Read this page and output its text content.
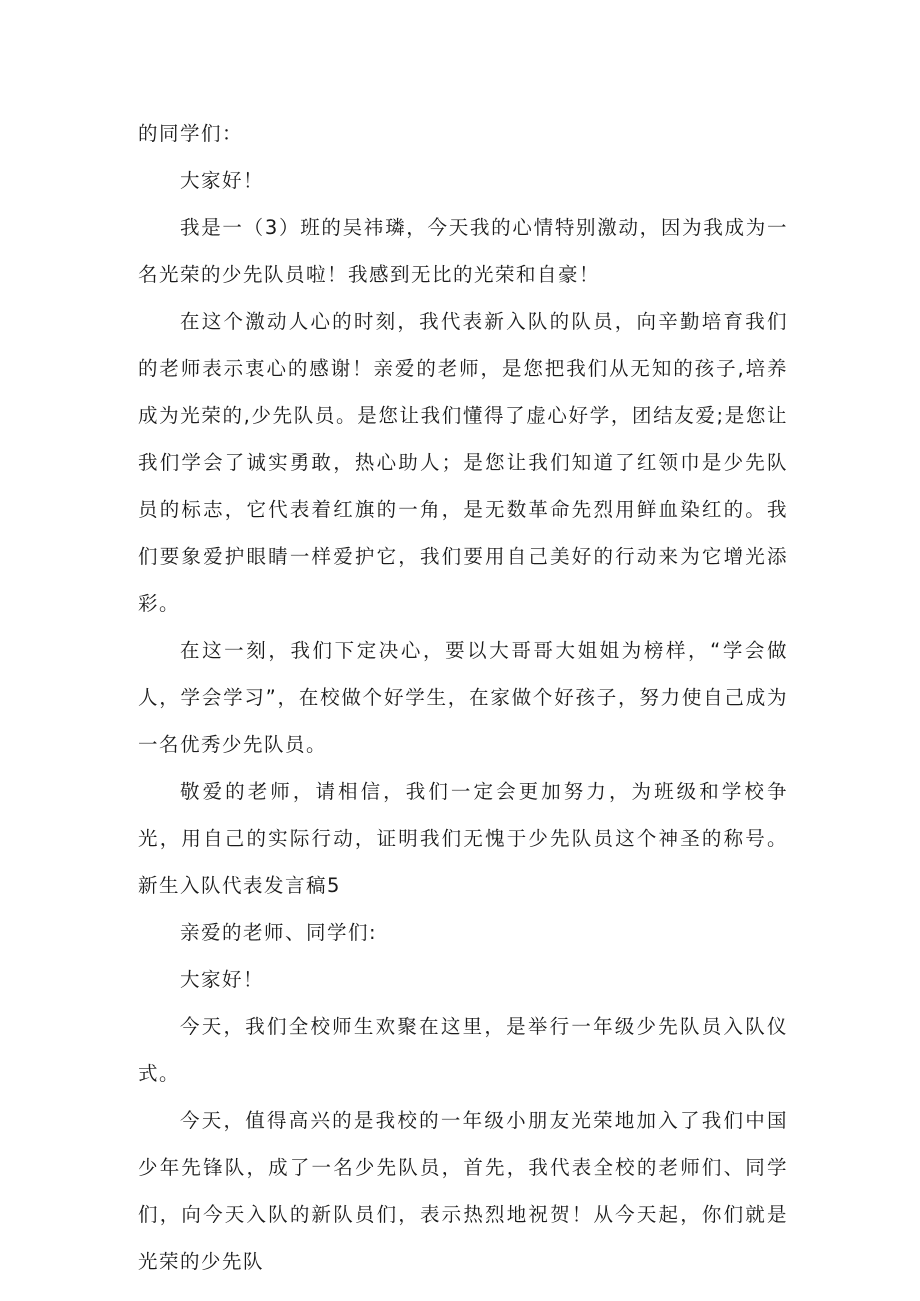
的同学们：

大家好！

我是一（3）班的吴祎璘，今天我的心情特别激动，因为我成为一名光荣的少先队员啦！我感到无比的光荣和自豪！

在这个激动人心的时刻，我代表新入队的队员，向辛勤培育我们的老师表示衷心的感谢！亲爱的老师，是您把我们从无知的孩子,培养成为光荣的,少先队员。是您让我们懂得了虚心好学，团结友爱;是您让我们学会了诚实勇敢，热心助人；是您让我们知道了红领巾是少先队员的标志，它代表着红旗的一角，是无数革命先烈用鲜血染红的。我们要象爱护眼睛一样爱护它，我们要用自己美好的行动来为它增光添彩。

在这一刻，我们下定决心，要以大哥哥大姐姐为榜样，“学会做人，学会学习”，在校做个好学生，在家做个好孩子，努力使自己成为一名优秀少先队员。

敬爱的老师，请相信，我们一定会更加努力，为班级和学校争光，用自己的实际行动，证明我们无愧于少先队员这个神圣的称号。新生入队代表发言稿5

亲爱的老师、同学们:

大家好！

今天，我们全校师生欢聚在这里，是举行一年级少先队员入队仪式。

今天，值得高兴的是我校的一年级小朋友光荣地加入了我们中国少年先锋队，成了一名少先队员，首先，我代表全校的老师们、同学们，向今天入队的新队员们，表示热烈地祝贺！从今天起，你们就是光荣的少先队
